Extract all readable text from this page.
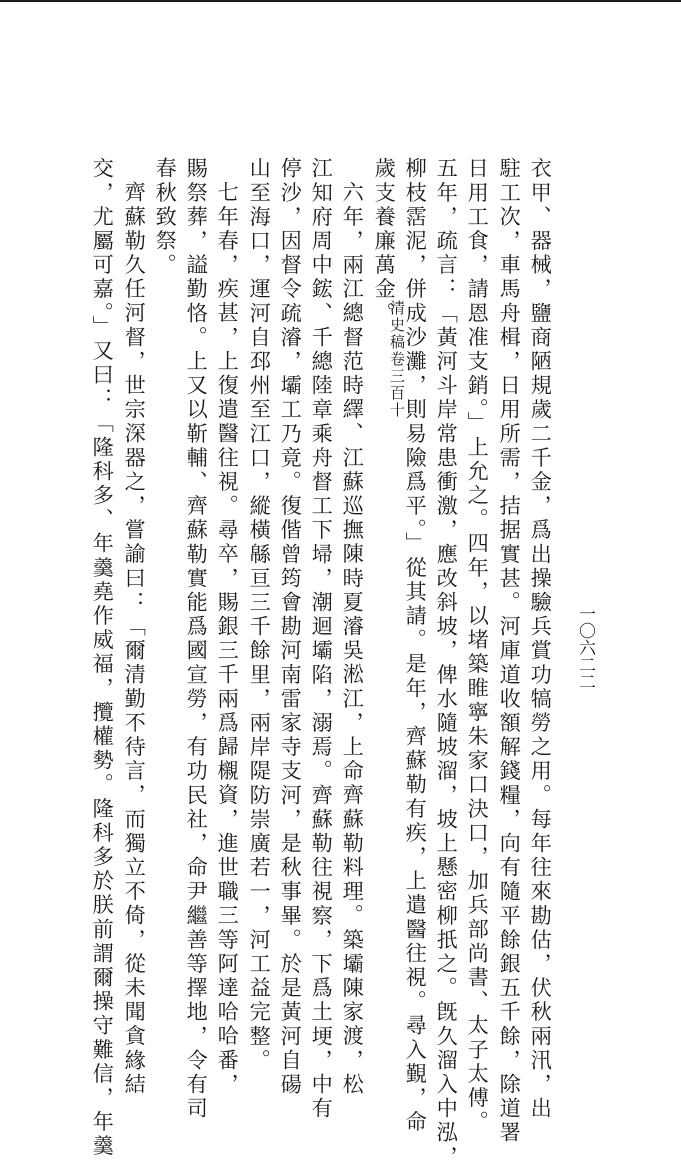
清史稿卷三百十
一〇六二二
衣甲、器械，鹽商陋規歲二千金，爲出操驗兵賞功犒勞之用。每年往來勘估，伏秋兩汛，出
駐工次，車馬舟楫，日用所需，拮据實甚。河庫道收額解錢糧，向有隨平餘銀五千餘，除道署
日用工食，請恩准支銷。」上允之。四年，以堵築睢寧朱家口決口，加兵部尚書、太子太傅。
五年，疏言：「黃河斗岸常患衝激，應改斜坡，俾水隨坡溜，坡上懸密柳扺之。旣久溜入中泓，
柳枝霑泥，併成沙灘，則易險爲平。」從其請。是年，齊蘇勒有疾，上遣醫往視。尋入覲，命
歲支養廉萬金。
六年，兩江總督范時繹、江蘇巡撫陳時夏濬吳淞江，上命齊蘇勒料理。築壩陳家渡，松
江知府周中鋐、千總陸章乘舟督工下埽，潮迴壩陷，溺焉。齊蘇勒往視察，下爲土埂，中有
停沙，因督令疏濬，壩工乃竟。復偕曾筠會勘河南雷家寺支河，是秋事畢。於是黃河自碭
山至海口，運河自邳州至江口，縱橫緜亘三千餘里，兩岸隄防崇廣若一，河工益完整。
七年春，疾甚，上復遣醫往視。尋卒，賜銀三千兩爲歸櫬資，進世職三等阿達哈哈番，
賜祭葬，謚勤恪。上又以靳輔、齊蘇勒實能爲國宣勞，有功民社，命尹繼善等擇地，令有司
春秋致祭。
齊蘇勒久任河督，世宗深器之，嘗諭曰：「爾清勤不待言，而獨立不倚，從未聞貪緣結
交，尤屬可嘉。」又曰：「隆科多、年羹堯作威福，攬權勢。隆科多於朕前謂爾操守難信，年羹
